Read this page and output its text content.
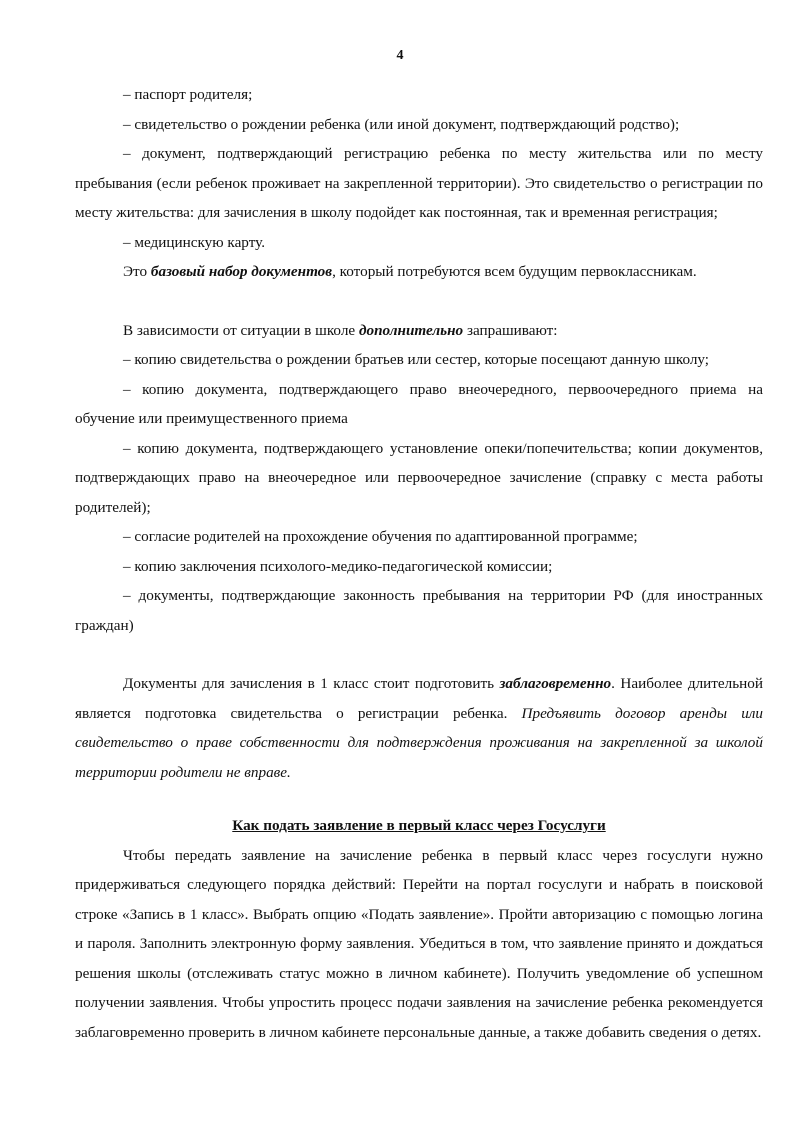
4

– паспорт родителя;

– свидетельство о рождении ребенка (или иной документ, подтверждающий родство);

– документ, подтверждающий регистрацию ребенка по месту жительства или по месту пребывания (если ребенок проживает на закрепленной территории). Это свидетельство о регистрации по месту жительства: для зачисления в школу подойдет как постоянная, так и временная регистрация;

– медицинскую карту.

Это базовый набор документов, который потребуются всем будущим первоклассникам.

В зависимости от ситуации в школе дополнительно запрашивают:

– копию свидетельства о рождении братьев или сестер, которые посещают данную школу;

– копию документа, подтверждающего право внеочередного, первоочередного приема на обучение или преимущественного приема

– копию документа, подтверждающего установление опеки/попечительства; копии документов, подтверждающих право на внеочередное или первоочередное зачисление (справку с места работы родителей);

– согласие родителей на прохождение обучения по адаптированной программе;

– копию заключения психолого-медико-педагогической комиссии;

– документы, подтверждающие законность пребывания на территории РФ (для иностранных граждан)

Документы для зачисления в 1 класс стоит подготовить заблаговременно. Наиболее длительной является подготовка свидетельства о регистрации ребенка. Предъявить договор аренды или свидетельство о праве собственности для подтверждения проживания на закрепленной за школой территории родители не вправе.

Как подать заявление в первый класс через Госуслуги

Чтобы передать заявление на зачисление ребенка в первый класс через госуслуги нужно придерживаться следующего порядка действий: Перейти на портал госуслуги и набрать в поисковой строке «Запись в 1 класс». Выбрать опцию «Подать заявление». Пройти авторизацию с помощью логина и пароля. Заполнить электронную форму заявления. Убедиться в том, что заявление принято и дождаться решения школы (отслеживать статус можно в личном кабинете). Получить уведомление об успешном получении заявления. Чтобы упростить процесс подачи заявления на зачисление ребенка рекомендуется заблаговременно проверить в личном кабинете персональные данные, а также добавить сведения о детях.
